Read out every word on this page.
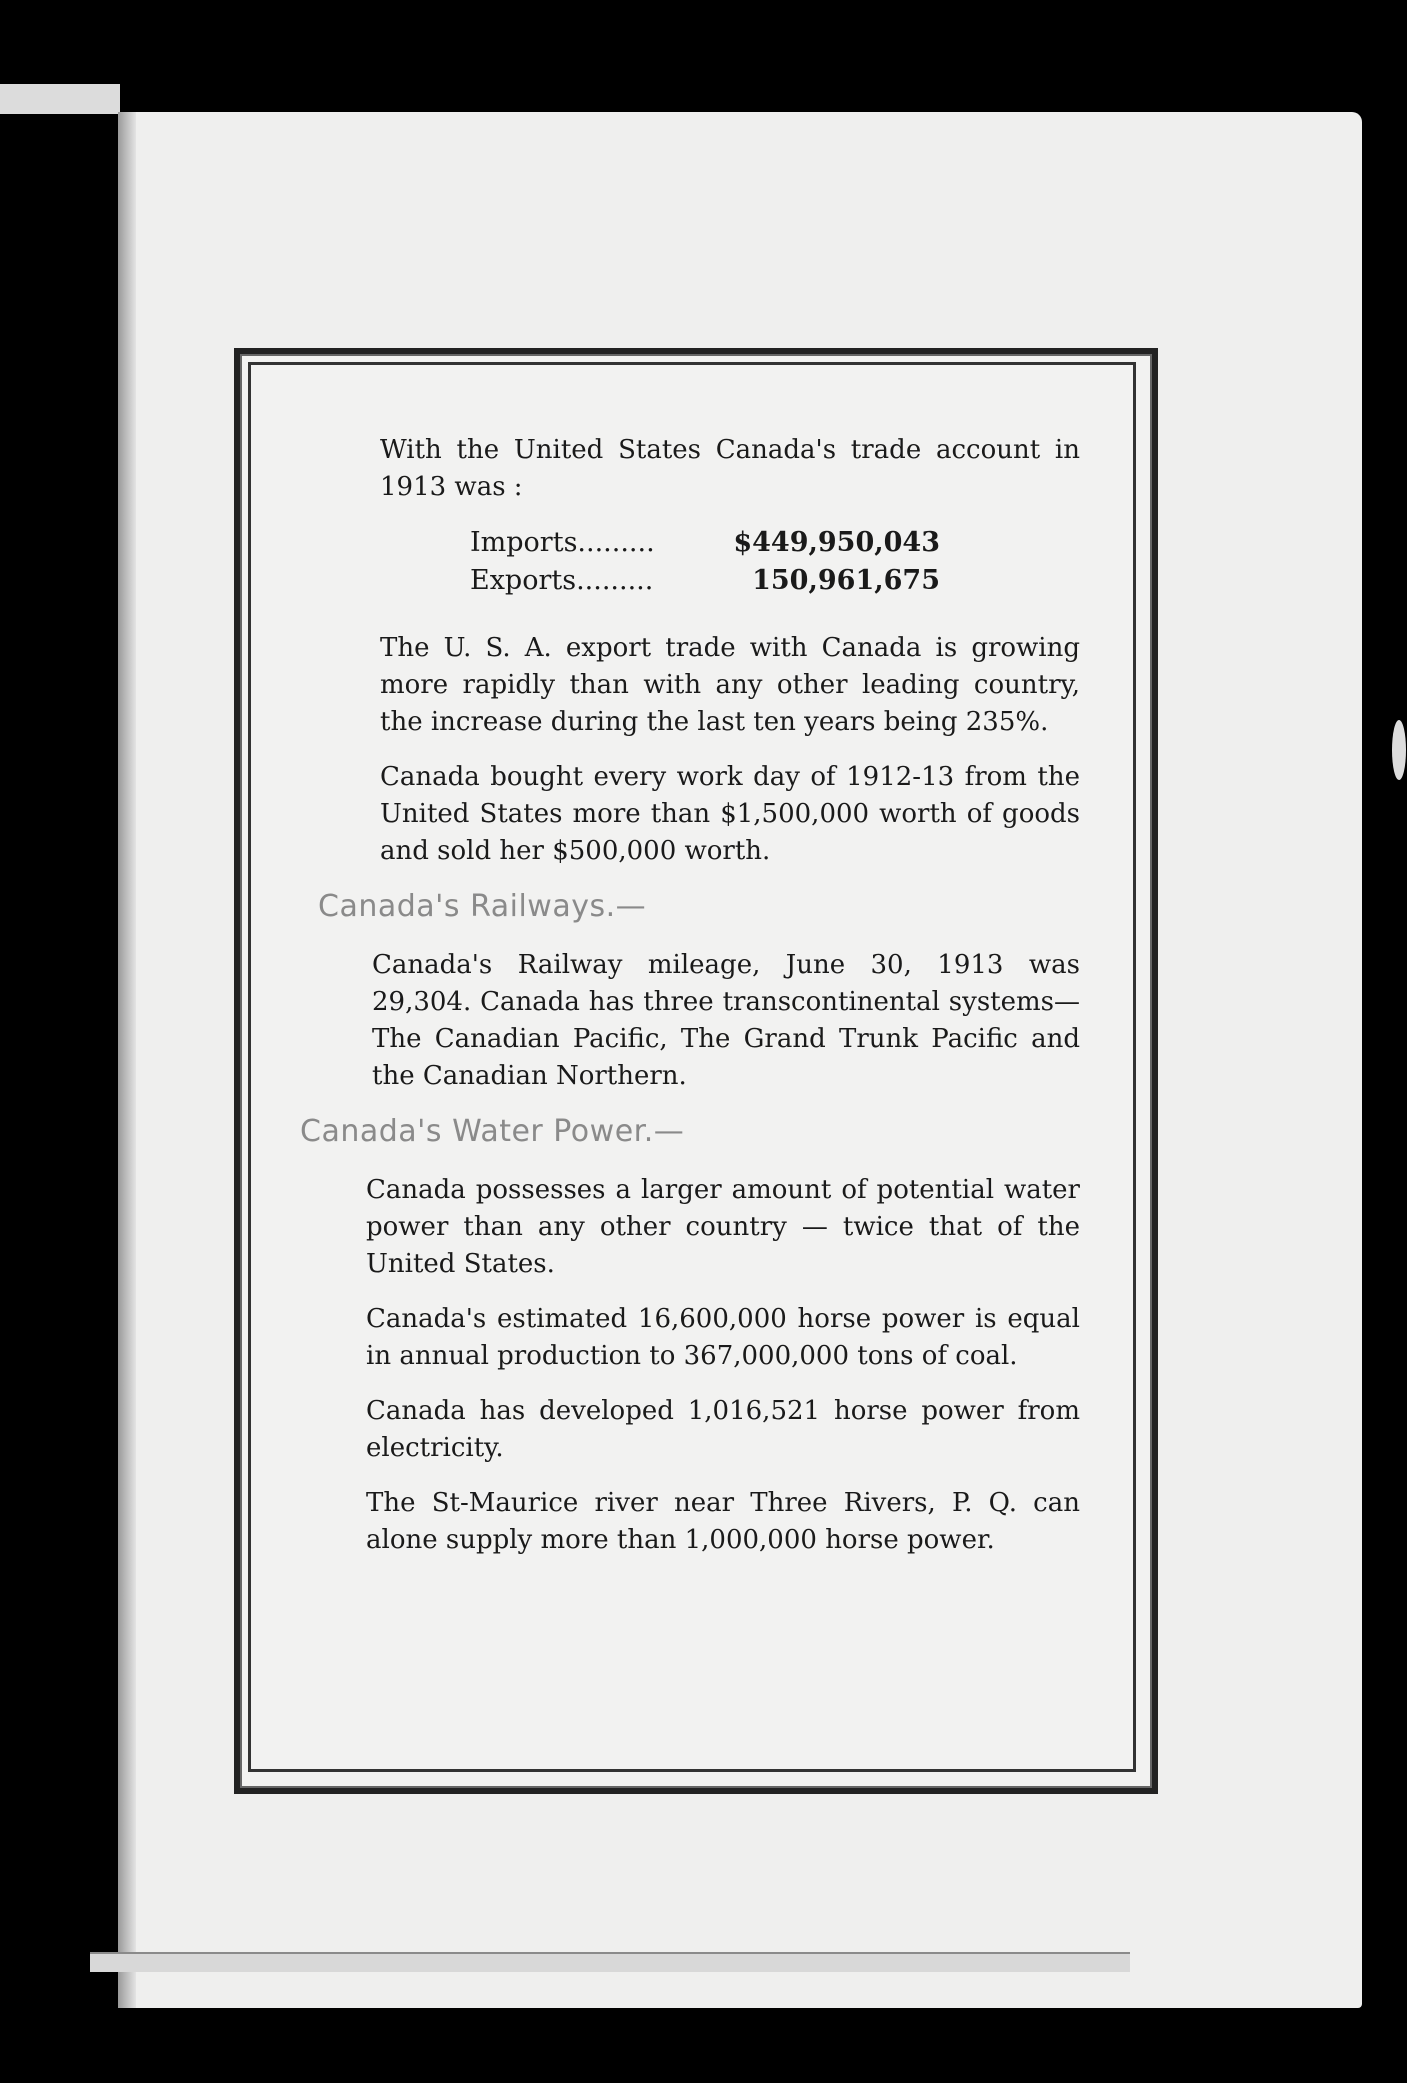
With the United States Canada's trade account in 1913 was :

Imports.........	$449,950,043
Exports.........	150,961,675

The U. S. A. export trade with Canada is growing more rapidly than with any other leading country, the increase during the last ten years being 235%.

Canada bought every work day of 1912-13 from the United States more than $1,500,000 worth of goods and sold her $500,000 worth.

Canada's Railways.—

Canada's Railway mileage, June 30, 1913 was 29,304. Canada has three transcontinental systems—The Canadian Pacific, The Grand Trunk Pacific and the Canadian Northern.

Canada's Water Power.—

Canada possesses a larger amount of potential water power than any other country — twice that of the United States.

Canada's estimated 16,600,000 horse power is equal in annual production to 367,000,000 tons of coal.

Canada has developed 1,016,521 horse power from electricity.

The St-Maurice river near Three Rivers, P. Q. can alone supply more than 1,000,000 horse power.
